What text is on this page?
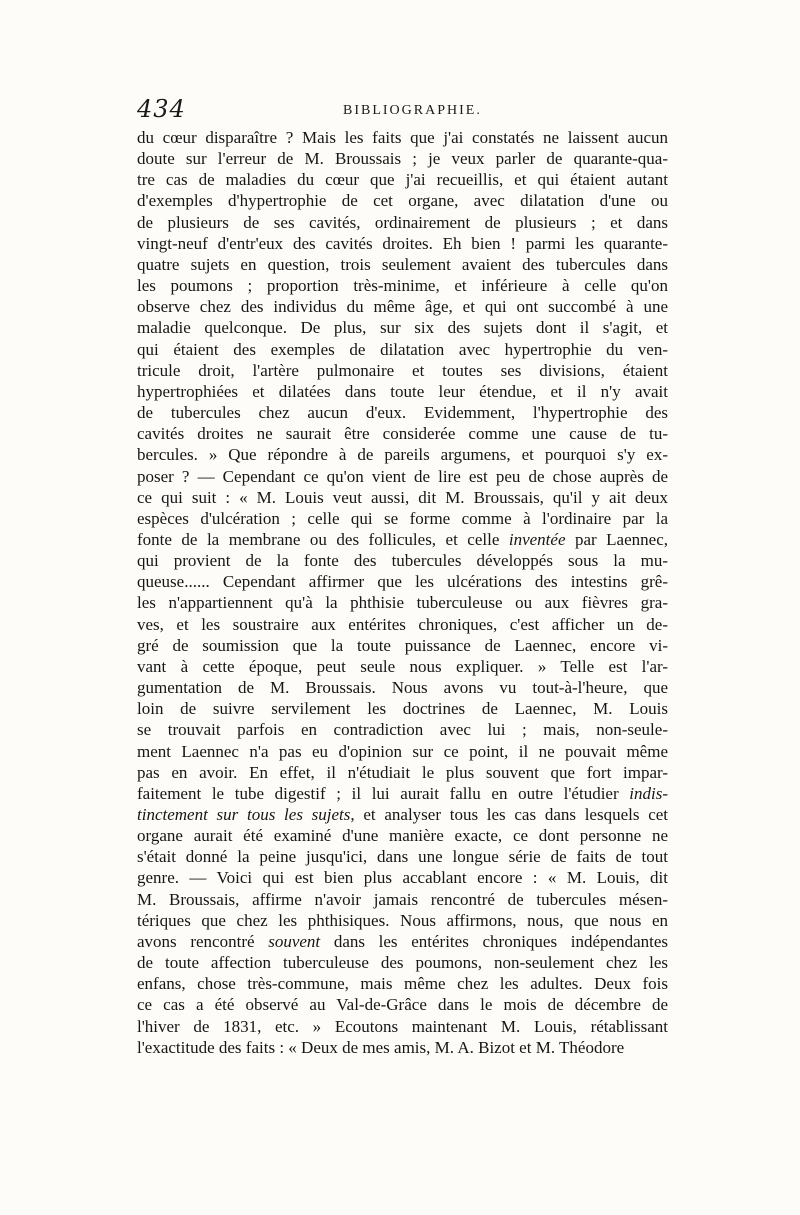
434	BIBLIOGRAPHIE.
du cœur disparaître ? Mais les faits que j'ai constatés ne laissent aucun
doute sur l'erreur de M. Broussais ; je veux parler de quarante-qua-
tre cas de maladies du cœur que j'ai recueillis, et qui étaient autant
d'exemples d'hypertrophie de cet organe, avec dilatation d'une ou
de plusieurs de ses cavités, ordinairement de plusieurs ; et dans
vingt-neuf d'entr'eux des cavités droites. Eh bien ! parmi les quarante-
quatre sujets en question, trois seulement avaient des tubercules dans
les poumons ; proportion très-minime, et inférieure à celle qu'on
observe chez des individus du même âge, et qui ont succombé à une
maladie quelconque. De plus, sur six des sujets dont il s'agit, et
qui étaient des exemples de dilatation avec hypertrophie du ven-
tricule droit, l'artère pulmonaire et toutes ses divisions, étaient
hypertrophiées et dilatées dans toute leur étendue, et il n'y avait
de tubercules chez aucun d'eux. Evidemment, l'hypertrophie des
cavités droites ne saurait être considerée comme une cause de tu-
bercules. » Que répondre à de pareils argumens, et pourquoi s'y ex-
poser ? — Cependant ce qu'on vient de lire est peu de chose auprès de
ce qui suit : « M. Louis veut aussi, dit M. Broussais, qu'il y ait deux
espèces d'ulcération ; celle qui se forme comme à l'ordinaire par la
fonte de la membrane ou des follicules, et celle inventée par Laennec,
qui provient de la fonte des tubercules développés sous la mu-
queuse...... Cependant affirmer que les ulcérations des intestins grê-
les n'appartiennent qu'à la phthisie tuberculeuse ou aux fièvres gra-
ves, et les soustraire aux entérites chroniques, c'est afficher un de-
gré de soumission que la toute puissance de Laennec, encore vi-
vant à cette époque, peut seule nous expliquer. » Telle est l'ar-
gumentation de M. Broussais. Nous avons vu tout-à-l'heure, que
loin de suivre servilement les doctrines de Laennec, M. Louis
se trouvait parfois en contradiction avec lui ; mais, non-seule-
ment Laennec n'a pas eu d'opinion sur ce point, il ne pouvait même
pas en avoir. En effet, il n'étudiait le plus souvent que fort impar-
faitement le tube digestif ; il lui aurait fallu en outre l'étudier indis-
tinctement sur tous les sujets, et analyser tous les cas dans lesquels cet
organe aurait été examiné d'une manière exacte, ce dont personne ne
s'était donné la peine jusqu'ici, dans une longue série de faits de tout
genre. — Voici qui est bien plus accablant encore : « M. Louis, dit
M. Broussais, affirme n'avoir jamais rencontré de tubercules mésen-
tériques que chez les phthisiques. Nous affirmons, nous, que nous en
avons rencontré souvent dans les entérites chroniques indépendantes
de toute affection tuberculeuse des poumons, non-seulement chez les
enfans, chose très-commune, mais même chez les adultes. Deux fois
ce cas a été observé au Val-de-Grâce dans le mois de décembre de
l'hiver de 1831, etc. » Ecoutons maintenant M. Louis, rétablissant
l'exactitude des faits : « Deux de mes amis, M. A. Bizot et M. Théodore
